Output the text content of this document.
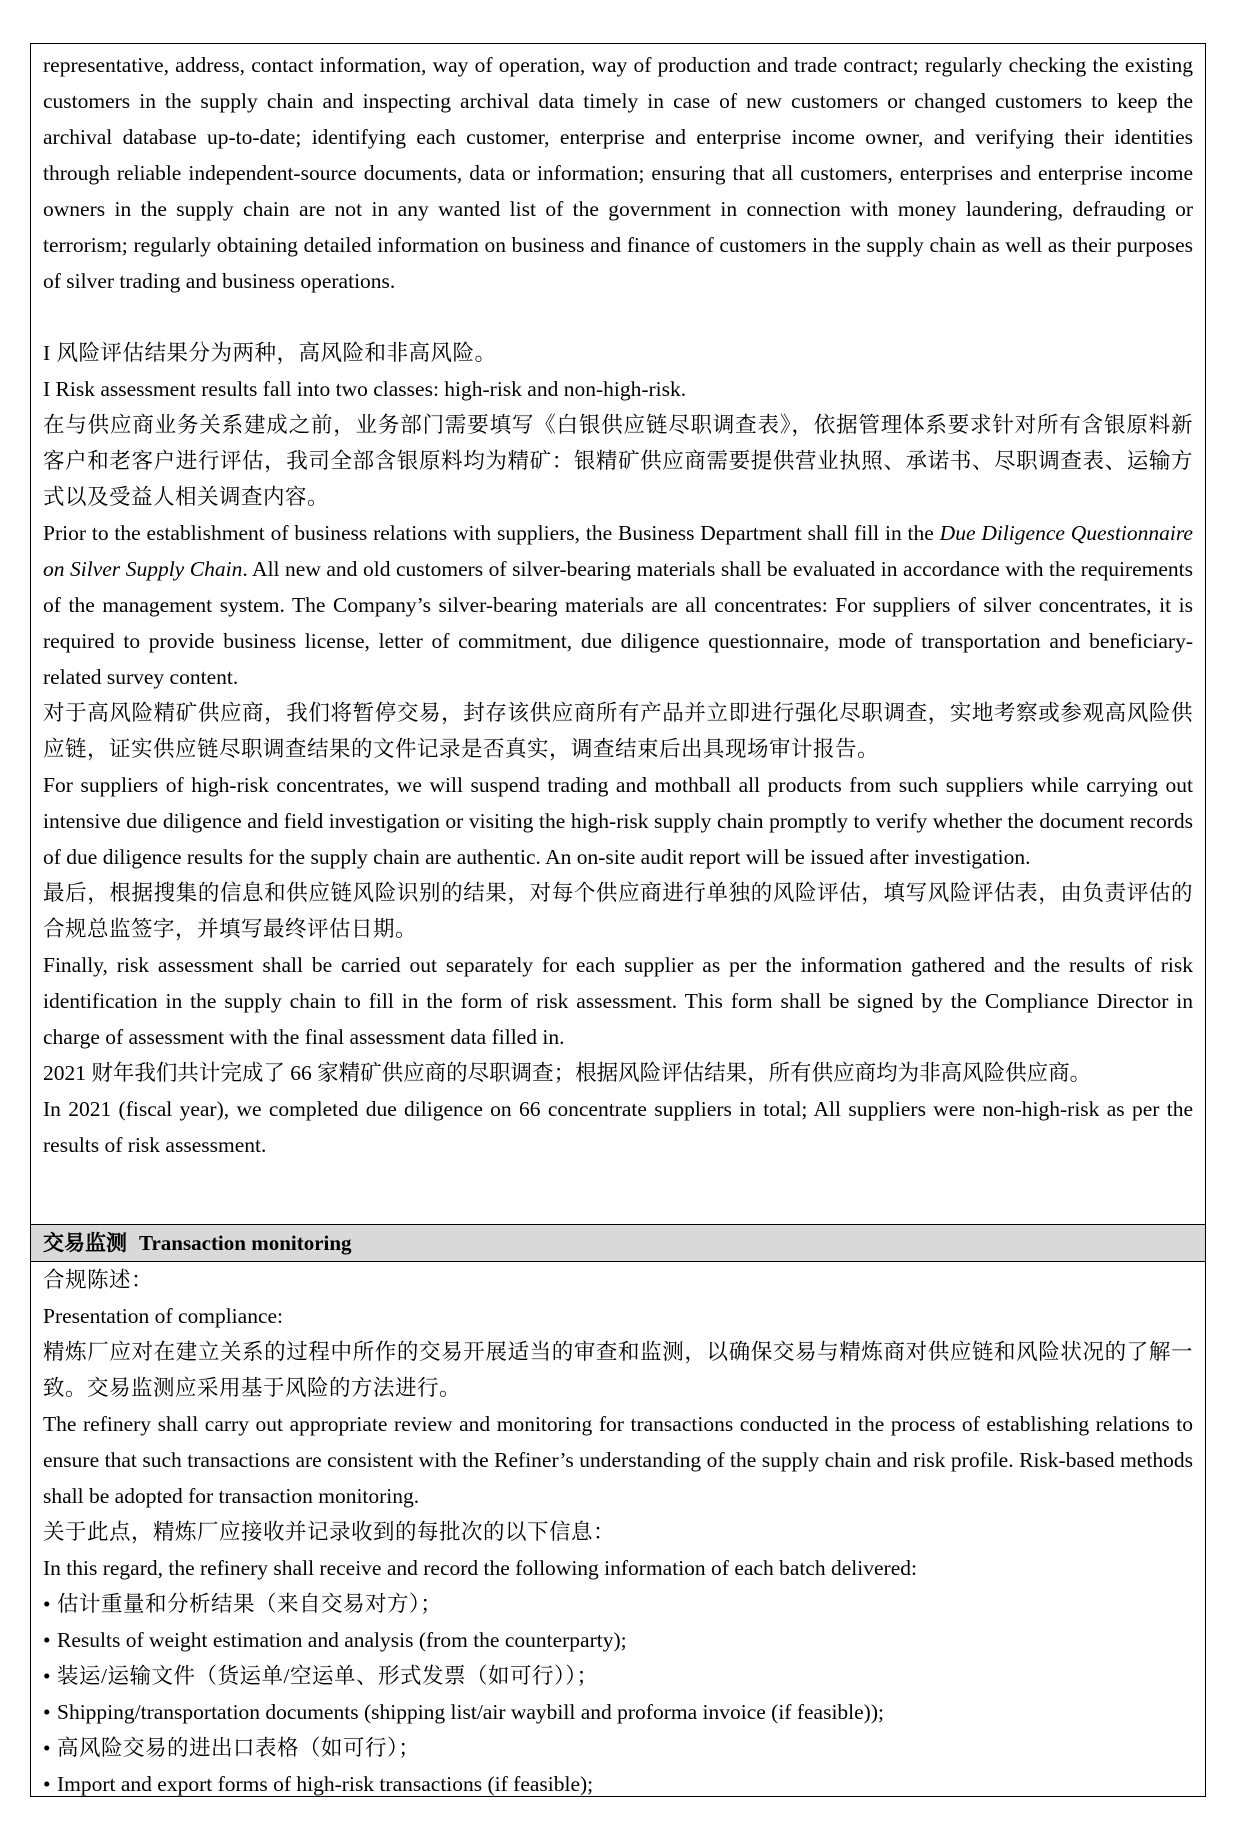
representative, address, contact information, way of operation, way of production and trade contract; regularly checking the existing customers in the supply chain and inspecting archival data timely in case of new customers or changed customers to keep the archival database up-to-date; identifying each customer, enterprise and enterprise income owner, and verifying their identities through reliable independent-source documents, data or information; ensuring that all customers, enterprises and enterprise income owners in the supply chain are not in any wanted list of the government in connection with money laundering, defrauding or terrorism; regularly obtaining detailed information on business and finance of customers in the supply chain as well as their purposes of silver trading and business operations.

I 风险评估结果分为两种，高风险和非高风险。

I Risk assessment results fall into two classes: high-risk and non-high-risk.

在与供应商业务关系建成之前，业务部门需要填写《白银供应链尽职调查表》，依据管理体系要求针对所有含银原料新客户和老客户进行评估，我司全部含银原料均为精矿：银精矿供应商需要提供营业执照、承诺书、尽职调查表、运输方式以及受益人相关调查内容。

Prior to the establishment of business relations with suppliers, the Business Department shall fill in the Due Diligence Questionnaire on Silver Supply Chain. All new and old customers of silver-bearing materials shall be evaluated in accordance with the requirements of the management system. The Company’s silver-bearing materials are all concentrates: For suppliers of silver concentrates, it is required to provide business license, letter of commitment, due diligence questionnaire, mode of transportation and beneficiary-related survey content.

对于高风险精矿供应商，我们将暂停交易，封存该供应商所有产品并立即进行强化尽职调查，实地考察或参观高风险供应链，证实供应链尽职调查结果的文件记录是否真实，调查结束后出具现场审计报告。

For suppliers of high-risk concentrates, we will suspend trading and mothball all products from such suppliers while carrying out intensive due diligence and field investigation or visiting the high-risk supply chain promptly to verify whether the document records of due diligence results for the supply chain are authentic. An on-site audit report will be issued after investigation.

最后，根据搜集的信息和供应链风险识别的结果，对每个供应商进行单独的风险评估，填写风险评估表，由负责评估的合规总监签字，并填写最终评估日期。

Finally, risk assessment shall be carried out separately for each supplier as per the information gathered and the results of risk identification in the supply chain to fill in the form of risk assessment. This form shall be signed by the Compliance Director in charge of assessment with the final assessment data filled in.

2021 财年我们共计完成了 66 家精矿供应商的尽职调查；根据风险评估结果，所有供应商均为非高风险供应商。

In 2021 (fiscal year), we completed due diligence on 66 concentrate suppliers in total; All suppliers were non-high-risk as per the results of risk assessment.

交易监测 Transaction monitoring

合规陈述：

Presentation of compliance:

精炼厂应对在建立关系的过程中所作的交易开展适当的审查和监测，以确保交易与精炼商对供应链和风险状况的了解一致。交易监测应采用基于风险的方法进行。

The refinery shall carry out appropriate review and monitoring for transactions conducted in the process of establishing relations to ensure that such transactions are consistent with the Refiner’s understanding of the supply chain and risk profile. Risk-based methods shall be adopted for transaction monitoring.

关于此点，精炼厂应接收并记录收到的每批次的以下信息：

In this regard, the refinery shall receive and record the following information of each batch delivered:

• 估计重量和分析结果（来自交易对方）；

• Results of weight estimation and analysis (from the counterparty);

• 装运/运输文件（货运单/空运单、形式发票（如可行））；

• Shipping/transportation documents (shipping list/air waybill and proforma invoice (if feasible));

• 高风险交易的进出口表格（如可行）；

• Import and export forms of high-risk transactions (if feasible);
